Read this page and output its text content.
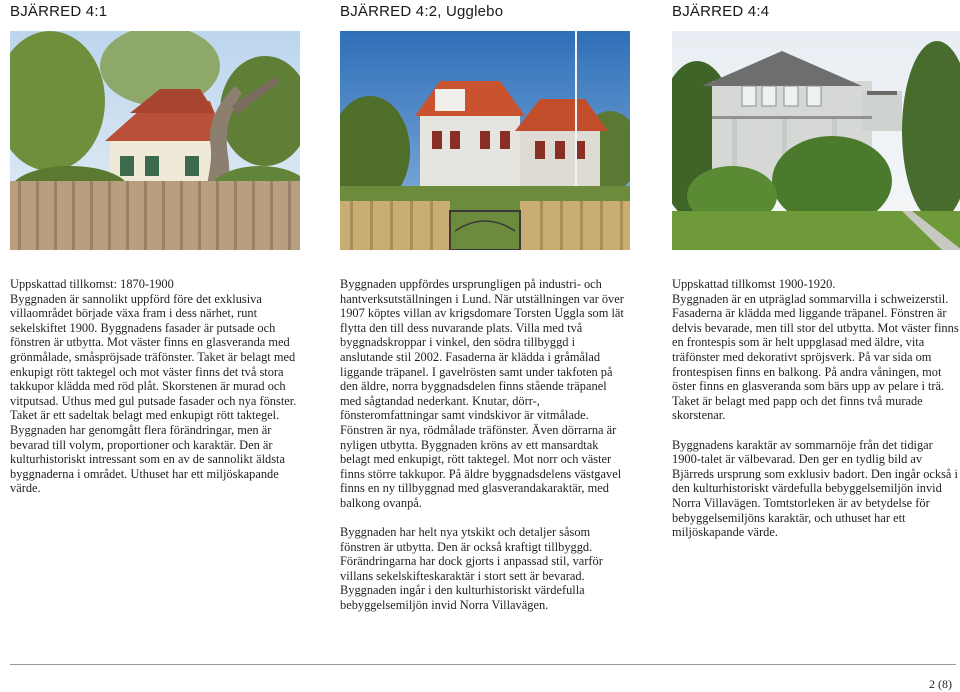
BJÄRRED 4:1

Uppskattad tillkomst: 1870-1900

Byggnaden är sannolikt uppförd före det exklusiva villaområdet började växa fram i dess närhet, runt sekelskiftet 1900. Byggnadens fasader är putsade och fönstren är utbytta. Mot väster finns en glasveranda med grönmålade, småspröjsade träfönster. Taket är belagt med enkupigt rött taktegel och mot väster finns det två stora takkupor klädda med röd plåt. Skorstenen är murad och vitputsad. Uthus med gul putsade fasader och nya fönster. Taket är ett sadeltak belagt med enkupigt rött taktegel. Byggnaden har genomgått flera förändringar, men är bevarad till volym, proportioner och karaktär. Den är kulturhistoriskt intressant som en av de sannolikt äldsta byggnaderna i området. Uthuset har ett miljöskapande värde.

BJÄRRED 4:2, Ugglebo

Byggnaden uppfördes ursprungligen på industri- och hantverksutställningen i Lund. När utställningen var över 1907 köptes villan av krigsdomare Torsten Uggla som lät flytta den till dess nuvarande plats. Villa med två byggnadskroppar i vinkel, den södra tillbyggd i anslutande stil 2002. Fasaderna är klädda i gråmålad liggande träpanel. I gavelrösten samt under takfoten på den äldre, norra byggnadsdelen finns stående träpanel med sågtandad nederkant. Knutar, dörr-, fönsteromfattningar samt vindskivor är vitmålade. Fönstren är nya, rödmålade träfönster. Även dörrarna är nyligen utbytta. Byggnaden kröns av ett mansardtak belagt med enkupigt, rött taktegel. Mot norr och väster finns större takkupor. På äldre byggnadsdelens västgavel finns en ny tillbyggnad med glasverandakaraktär, med balkong ovanpå.

Byggnaden har helt nya ytskikt och detaljer såsom fönstren är utbytta. Den är också kraftigt tillbyggd. Förändringarna har dock gjorts i anpassad stil, varför villans sekelskifteskaraktär i stort sett är bevarad. Byggnaden ingår i den kulturhistoriskt värdefulla bebyggelsemiljön invid Norra Villavägen.

BJÄRRED 4:4

Uppskattad tillkomst 1900-1920.

Byggnaden är en utpräglad sommarvilla i schweizerstil. Fasaderna är klädda med liggande träpanel. Fönstren är delvis bevarade, men till stor del utbytta. Mot väster finns en frontespis som är helt uppglasad med äldre, vita träfönster med dekorativt spröjsverk. På var sida om frontespisen finns en balkong. På andra våningen, mot öster finns en glasveranda som bärs upp av pelare i trä. Taket är belagt med papp och det finns två murade skorstenar.

Byggnadens karaktär av sommarnöje från det tidigar 1900-talet är välbevarad. Den ger en tydlig bild av Bjärreds ursprung som exklusiv badort. Den ingår också i den kulturhistoriskt värdefulla bebyggelsemiljön invid Norra Villavägen. Tomtstorleken är av betydelse för bebyggelsemiljöns karaktär, och uthuset har ett miljöskapande värde.

2 (8)
